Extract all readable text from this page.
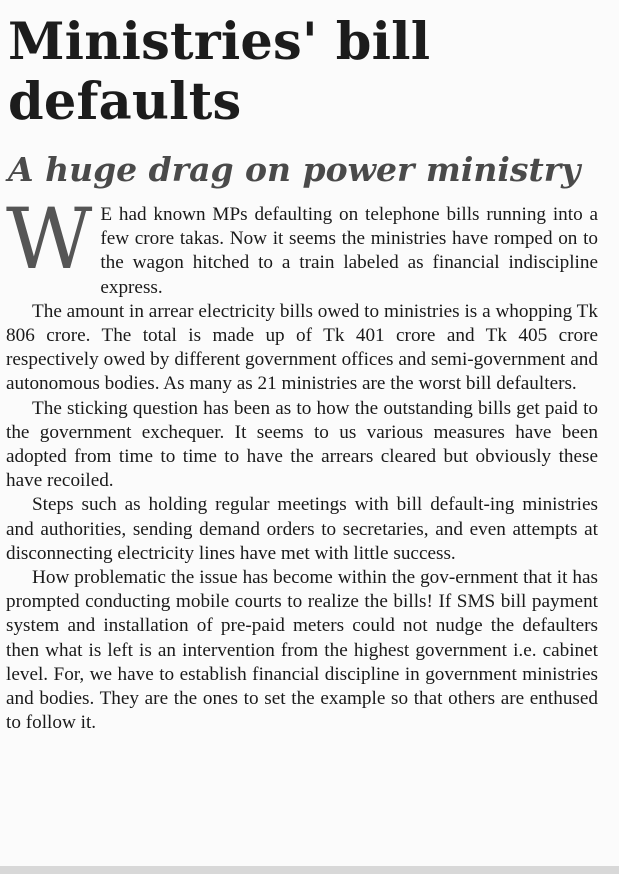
Ministries' bill defaults
A huge drag on power ministry

W E had known MPs defaulting on telephone bills running into a few crore takas. Now it seems the ministries have romped on to the wagon hitched to a train labeled as financial indiscipline express.

The amount in arrear electricity bills owed to ministries is a whopping Tk 806 crore. The total is made up of Tk 401 crore and Tk 405 crore respectively owed by different government offices and semi-government and autonomous bodies. As many as 21 ministries are the worst bill defaulters.

The sticking question has been as to how the outstanding bills get paid to the government exchequer. It seems to us various measures have been adopted from time to time to have the arrears cleared but obviously these have recoiled.

Steps such as holding regular meetings with bill default-ing ministries and authorities, sending demand orders to secretaries, and even attempts at disconnecting electricity lines have met with little success.

How problematic the issue has become within the gov-ernment that it has prompted conducting mobile courts to realize the bills! If SMS bill payment system and installation of pre-paid meters could not nudge the defaulters then what is left is an intervention from the highest government i.e. cabinet level. For, we have to establish financial discipline in government ministries and bodies. They are the ones to set the example so that others are enthused to follow it.
